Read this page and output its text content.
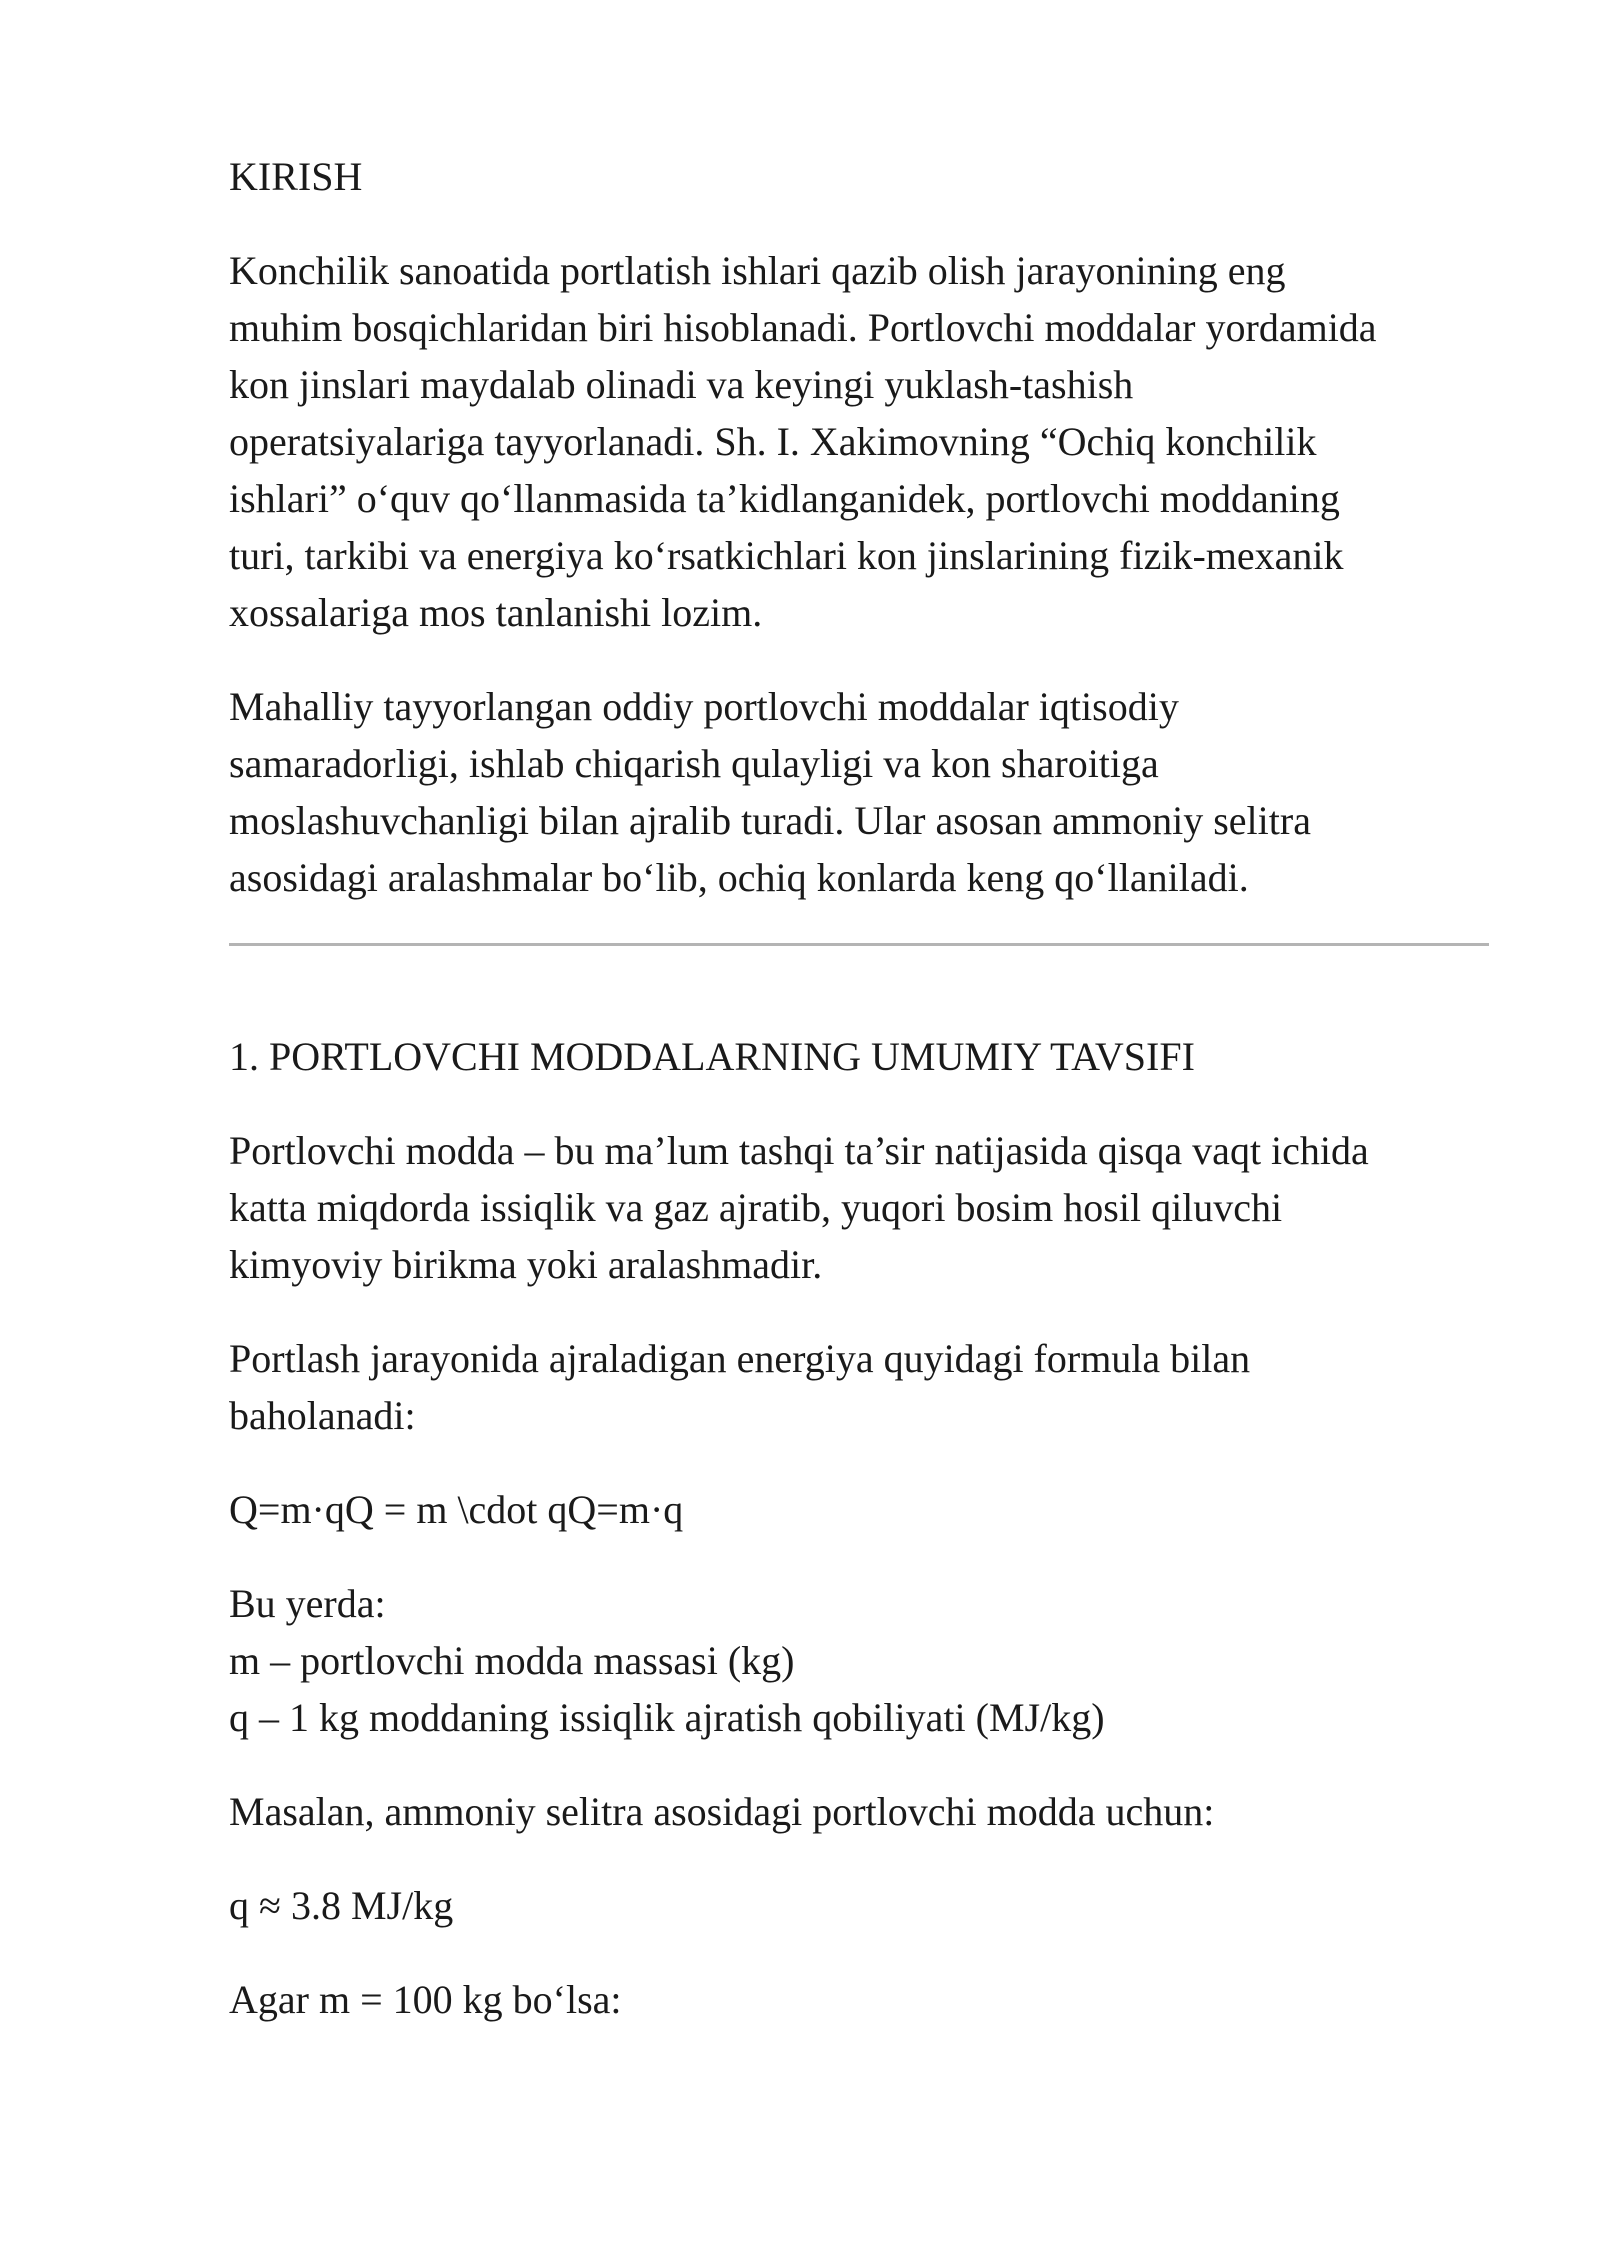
KIRISH

Konchilik sanoatida portlatish ishlari qazib olish jarayonining eng
muhim bosqichlaridan biri hisoblanadi. Portlovchi moddalar yordamida
kon jinslari maydalab olinadi va keyingi yuklash-tashish
operatsiyalariga tayyorlanadi. Sh. I. Xakimovning “Ochiq konchilik
ishlari” o‘quv qo‘llanmasida ta’kidlanganidek, portlovchi moddaning
turi, tarkibi va energiya ko‘rsatkichlari kon jinslarining fizik-mexanik
xossalariga mos tanlanishi lozim.

Mahalliy tayyorlangan oddiy portlovchi moddalar iqtisodiy
samaradorligi, ishlab chiqarish qulayligi va kon sharoitiga
moslashuvchanligi bilan ajralib turadi. Ular asosan ammoniy selitra
asosidagi aralashmalar bo‘lib, ochiq konlarda keng qo‘llaniladi.

1. PORTLOVCHI MODDALARNING UMUMIY TAVSIFI

Portlovchi modda – bu ma’lum tashqi ta’sir natijasida qisqa vaqt ichida
katta miqdorda issiqlik va gaz ajratib, yuqori bosim hosil qiluvchi
kimyoviy birikma yoki aralashmadir.

Portlash jarayonida ajraladigan energiya quyidagi formula bilan
baholanadi:

Q=m·qQ = m \cdot qQ=m·q

Bu yerda:
m – portlovchi modda massasi (kg)
q – 1 kg moddaning issiqlik ajratish qobiliyati (MJ/kg)

Masalan, ammoniy selitra asosidagi portlovchi modda uchun:

q ≈ 3.8 MJ/kg

Agar m = 100 kg bo‘lsa:
